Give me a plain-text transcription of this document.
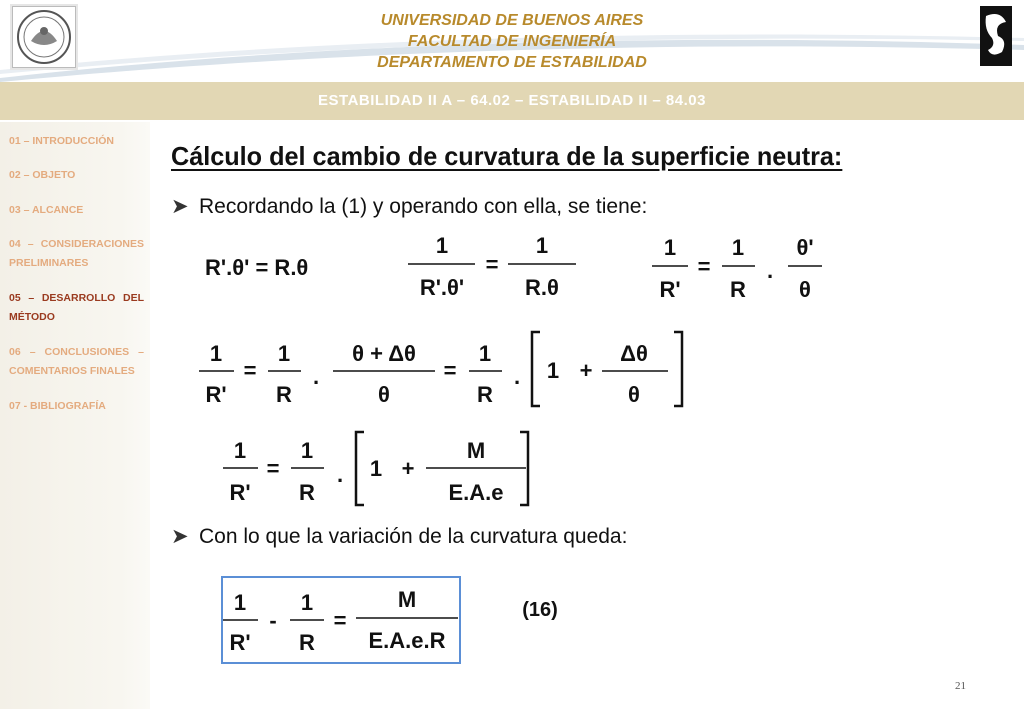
UNIVERSIDAD DE BUENOS AIRES
FACULTAD DE INGENIERÍA
DEPARTAMENTO DE ESTABILIDAD
ESTABILIDAD II A – 64.02 – ESTABILIDAD II – 84.03
01 – INTRODUCCIÓN
02 – OBJETO
03 – ALCANCE
04 – CONSIDERACIONES PRELIMINARES
05 – DESARROLLO DEL MÉTODO
06 – CONCLUSIONES – COMENTARIOS FINALES
07 - BIBLIOGRAFÍA
Cálculo del cambio de curvatura de la superficie neutra:
➤ Recordando la (1) y operando con ella, se tiene:
➤ Con lo que la variación de la curvatura queda:
R'.θ' = R.θ
1
R'.θ'
=
1
R.θ
1
R'
=
1
R
.
θ'
θ
1
R'
=
1
R
.
θ + Δθ
θ
=
1
R
. 1 +
Δθ
θ
1
R'
=
1
R
. 1 +
M
E.A.e
1
R'
-
1
R
=
M
E.A.e.R
(16)
21
